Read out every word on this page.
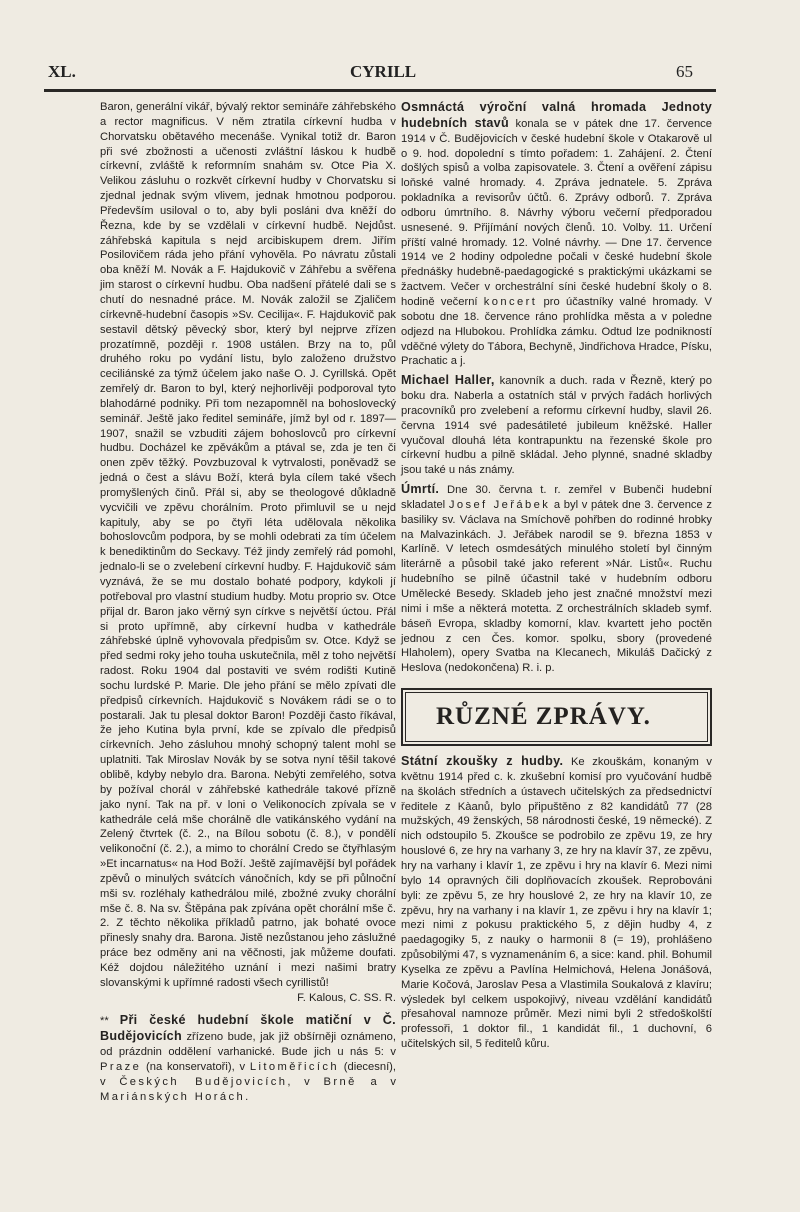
XL.	CYRILL	65

Baron, generální vikář, bývalý rektor semináře záhřebského a rector magnificus. V něm ztratila církevní hudba v Chorvatsku obětavého mecenáše. Vynikal totiž dr. Baron při své zbožnosti a učenosti zvláštní láskou k hudbě církevní, zvláště k reformním snahám sv. Otce Pia X. Velikou zásluhu o rozkvět církevní hudby v Chorvatsku si zjednal jednak svým vlivem, jednak hmotnou podporou. Především usiloval o to, aby byli posláni dva kněží do Řezna, kde by se vzdělali v církevní hudbě. Nejdůst. záhřebská kapitula s nejd arcibiskupem drem. Jiřím Posilovičem ráda jeho přání vyhověla. Po návratu zůstali oba kněží M. Novák a F. Hajdukovič v Záhřebu a svěřena jim starost o církevní hudbu. Oba nadšení přátelé dali se s chutí do nesnadné práce. M. Novák založil se Zjaličem církevně-hudební časopis »Sv. Cecilija«. F. Hajdukovič pak sestavil dětský pěvecký sbor, který byl nejprve zřízen prozatímně, později r. 1908 ustálen. Brzy na to, půl druhého roku po vydání listu, bylo založeno družstvo ceciliánské za týmž účelem jako naše O. J. Cyrillská. Opět zemřelý dr. Baron to byl, který nejhorlivěji podporoval tyto blahodárné podniky. Při tom nezapomněl na bohoslovecký seminář. Ještě jako ředitel semináře, jímž byl od r. 1897—1907, snažil se vzbuditi zájem bohoslovců pro církevní hudbu. Docházel ke zpěvákům a ptával se, zda je ten či onen zpěv těžký. Povzbuzoval k vytrvalosti, poněvadž se jedná o čest a slávu Boží, která byla cílem také všech promyšlených činů. Přál si, aby se theologové důkladně vycvičili ve zpěvu chorálním. Proto přimluvil se u nejd kapituly, aby se po čtyři léta udělovala několika bohoslovcům podpora, by se mohli odebrati za tím účelem k benediktinům do Seckavy. Též jindy zemřelý rád pomohl, jednalo-li se o zvelebení církevní hudby. F. Hajdukovič sám vyznává, že se mu dostalo bohaté podpory, kdykoli jí potřeboval pro vlastní studium hudby. Motu proprio sv. Otce přijal dr. Baron jako věrný syn církve s největší úctou. Přál si proto upřímně, aby církevní hudba v kathedrále záhřebské úplně vyhovovala předpisům sv. Otce. Když se před sedmi roky jeho touha uskutečnila, měl z toho největší radost. Roku 1904 dal postaviti ve svém rodišti Kutině sochu lurdské P. Marie. Dle jeho přání se mělo zpívati dle předpisů církevních. Hajdukovič s Novákem rádi se o to postarali. Jak tu plesal doktor Baron! Později často říkával, že jeho Kutina byla první, kde se zpívalo dle předpisů církevních. Jeho zásluhou mnohý schopný talent mohl se uplatniti. Tak Miroslav Novák by se sotva nyní těšil takové oblibě, kdyby nebylo dra. Barona. Nebýti zemřelého, sotva by požíval chorál v záhřebské kathedrále takové přízně jako nyní. Tak na př. v loni o Velikonocích zpívala se v kathedrále celá mše chorálně dle vatikánského vydání na Zelený čtvrtek (č. 2., na Bílou sobotu (č. 8.), v pondělí velikonoční (č. 2.), a mimo to chorální Credo se čtyřhlasým »Et incarnatus« na Hod Boží. Ještě zajímavější byl pořádek zpěvů o minulých svátcích vánočních, kdy se při půlnoční mši sv. rozléhaly kathedrálou milé, zbožné zvuky chorální mše č. 8. Na sv. Štěpána pak zpívána opět chorální mše č. 2. Z těchto několika příkladů patrno, jak bohaté ovoce přinesly snahy dra. Barona. Jistě nezůstanou jeho záslužné práce bez odměny ani na věčnosti, jak můžeme doufati. Kéž dojdou náležitého uznání i mezi našimi bratry slovanskými k upřímné radosti všech cyrillistů!

F. Kalous, C. SS. R.

** Při české hudební škole matiční v Č. Budějovicích zřízeno bude, jak již obšírněji oznámeno, od prázdnin oddělení varhanické. Bude jich u nás 5: v Praze (na konservatoři), v Litoměřicích (diecesní), v Českých Budějovicích, v Brně a v Mariánských Horách.

Osmnáctá výroční valná hromada Jednoty hudebních stavů konala se v pátek dne 17. července 1914 v Č. Budějovicích v české hudební škole v Otakarově ul o 9. hod. dopolední s tímto pořadem: 1. Zahájení. 2. Čtení došlých spisů a volba zapisovatele. 3. Čtení a ověření zápisu loňské valné hromady. 4. Zpráva jednatele. 5. Zpráva pokladníka a revisorův účtů. 6. Zprávy odborů. 7. Zpráva odboru úmrtního. 8. Návrhy výboru večerní předporadou usnesené. 9. Přijímání nových členů. 10. Volby. 11. Určení příští valné hromady. 12. Volné návrhy. — Dne 17. července 1914 ve 2 hodiny odpoledne počali v české hudební škole přednášky hudebně-paedagogické s praktickými ukázkami se žactvem. Večer v orchestrální síni české hudební školy o 8. hodině večerní koncert pro účastníky valné hromady. V sobotu dne 18. července ráno prohlídka města a v poledne odjezd na Hlubokou. Prohlídka zámku. Odtud lze podnikností vděčné výlety do Tábora, Bechyně, Jindřichova Hradce, Písku, Prachatic a j.

Michael Haller, kanovník a duch. rada v Řezně, který po boku dra. Naberla a ostatních stál v prvých řadách horlivých pracovníků pro zvelebení a reformu církevní hudby, slavil 26. června 1914 své padesátileté jubileum kněžské. Haller vyučoval dlouhá léta kontrapunktu na řezenské škole pro církevní hudbu a pilně skládal. Jeho plynné, snadné skladby jsou také u nás známy.

Úmrtí. Dne 30. června t. r. zemřel v Bubenči hudební skladatel Josef Jeřábek a byl v pátek dne 3. července z basiliky sv. Václava na Smíchově pohřben do rodinné hrobky na Malvazinkách. J. Jeřábek narodil se 9. března 1853 v Karlíně. V letech osmdesátých minulého století byl činným literárně a působil také jako referent »Nár. Listů«. Ruchu hudebního se pilně účastnil také v hudebním odboru Umělecké Besedy. Skladeb jeho jest značné množství mezi nimi i mše a některá motetta. Z orchestrálních skladeb symf. báseň Evropa, skladby komorní, klav. kvartett jeho poctěn jednou z cen Čes. komor. spolku, sbory (provedené Hlaholem), opery Svatba na Klecanech, Mikuláš Dačický z Heslova (nedokončena) R. i. p.

RŮZNÉ ZPRÁVY.

Státní zkoušky z hudby. Ke zkouškám, konaným v květnu 1914 před c. k. zkušební komisí pro vyučování hudbě na školách středních a ústavech učitelských za předsednictví ředitele z Kàanů, bylo připuštěno z 82 kandidátů 77 (28 mužských, 49 ženských, 58 národnosti české, 19 německé). Z nich odstoupilo 5. Zkoušce se podrobilo ze zpěvu 19, ze hry houslové 6, ze hry na varhany 3, ze hry na klavír 37, ze zpěvu, hry na varhany i klavír 1, ze zpěvu i hry na klavír 6. Mezi nimi bylo 14 opravných čili doplňovacích zkoušek. Reprobováni byli: ze zpěvu 5, ze hry houslové 2, ze hry na klavír 10, ze zpěvu, hry na varhany i na klavír 1, ze zpěvu i hry na klavír 1; mezi nimi z pokusu praktického 5, z dějin hudby 4, z paedagogiky 5, z nauky o harmonii 8 (= 19), prohlášeno způsobilými 47, s vyznamenáním 6, a sice: kand. phil. Bohumil Kyselka ze zpěvu a Pavlína Helmichová, Helena Jonášová, Marie Kočová, Jaroslav Pesa a Vlastimila Soukalová z klavíru; výsledek byl celkem uspokojivý, niveau vzdělání kandidátů přesahoval namnoze průměr. Mezi nimi byli 2 středoškolští professoři, 1 doktor fil., 1 kandidát fil., 1 duchovní, 6 učitelských sil, 5 ředitelů kůru.
